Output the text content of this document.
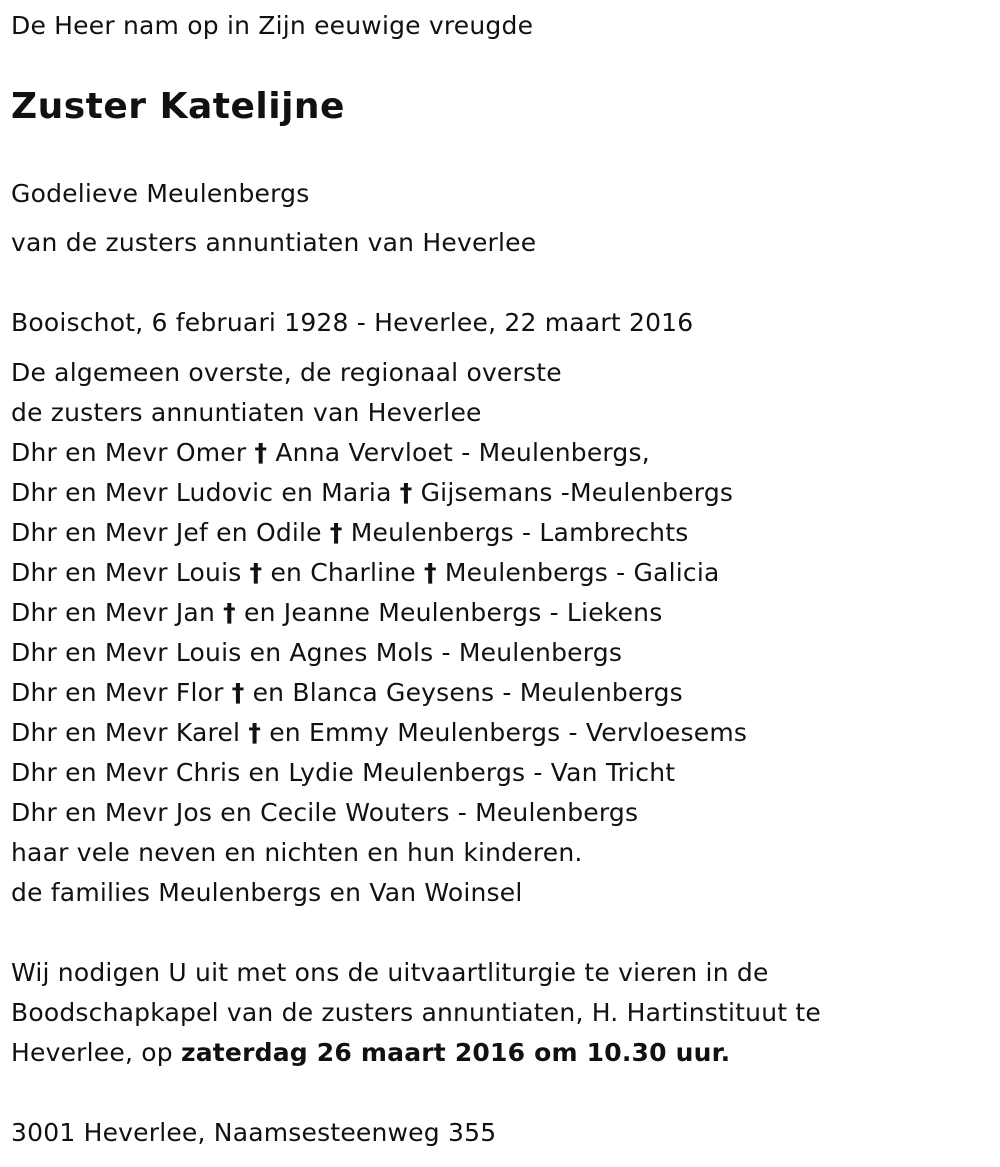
De Heer nam op in Zijn eeuwige vreugde
Zuster Katelijne
Godelieve Meulenbergs
van de zusters annuntiaten van Heverlee
Booischot, 6 februari 1928 - Heverlee, 22 maart 2016
De algemeen overste, de regionaal overste
de zusters annuntiaten van Heverlee
Dhr en Mevr Omer † Anna Vervloet - Meulenbergs,
Dhr en Mevr Ludovic en Maria † Gijsemans -Meulenbergs
Dhr en Mevr Jef en Odile † Meulenbergs - Lambrechts
Dhr en Mevr Louis † en Charline † Meulenbergs - Galicia
Dhr en Mevr Jan † en Jeanne Meulenbergs - Liekens
Dhr en Mevr Louis en Agnes Mols - Meulenbergs
Dhr en Mevr Flor † en Blanca Geysens - Meulenbergs
Dhr en Mevr Karel † en Emmy Meulenbergs - Vervloesems
Dhr en Mevr Chris en Lydie Meulenbergs - Van Tricht
Dhr en Mevr Jos en Cecile Wouters - Meulenbergs
haar vele neven en nichten en hun kinderen.
de families Meulenbergs en Van Woinsel
Wij nodigen U uit met ons de uitvaartliturgie te vieren in de
Boodschapkapel van de zusters annuntiaten, H. Hartinstituut te
Heverlee, op zaterdag 26 maart 2016 om 10.30 uur.
3001 Heverlee, Naamsesteenweg 355
